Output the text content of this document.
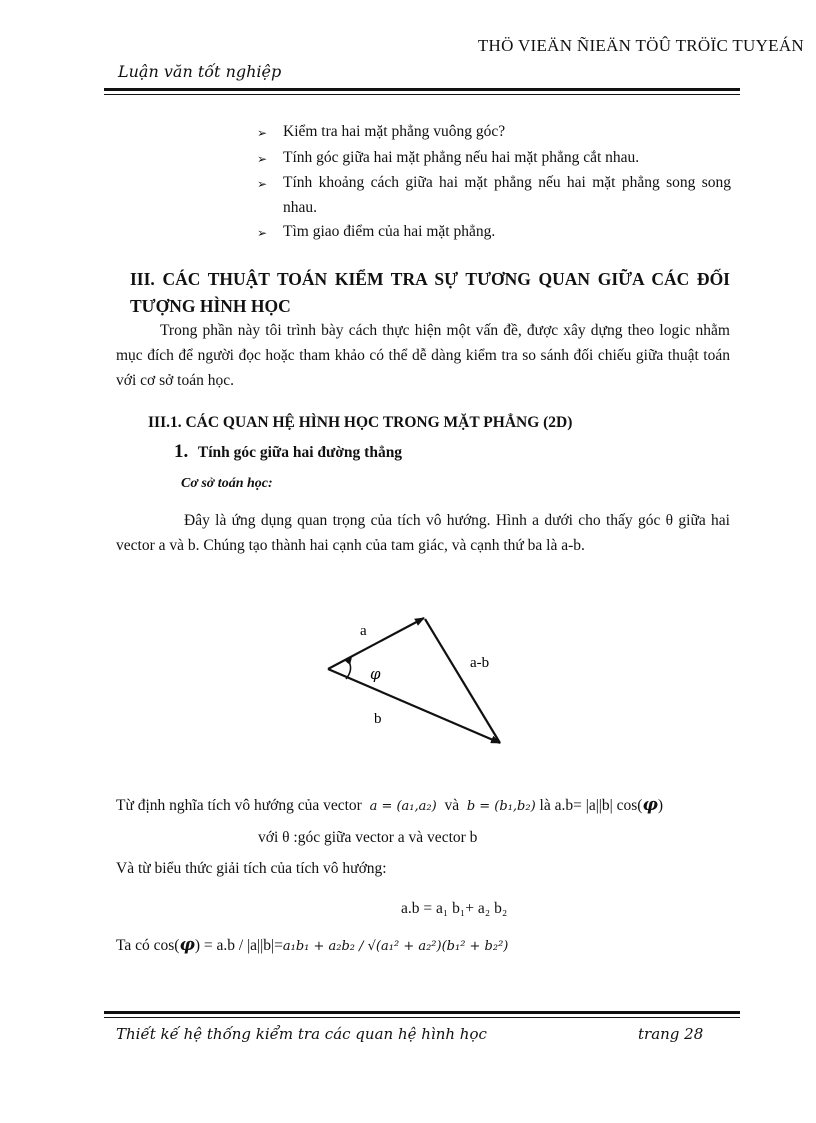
THÖ VIEÄN ÑIEÄN TÖÛ TRÖÏC TUYEÁN
Luận văn tốt nghiệp
➢	Kiểm tra hai mặt phẳng vuông góc?
➢	Tính góc giữa hai mặt phẳng nếu hai mặt phẳng cắt nhau.
➢	Tính khoảng cách giữa hai mặt phẳng nếu hai mặt phẳng song song nhau.
➢	Tìm giao điểm của hai mặt phẳng.
III. CÁC THUẬT TOÁN KIỂM TRA SỰ TƯƠNG QUAN GIỮA CÁC ĐỐI TƯỢNG HÌNH HỌC
Trong phần này tôi trình bày cách thực hiện một vấn đề, được xây dựng theo logic nhằm mục đích để người đọc hoặc tham khảo có thể dễ dàng kiểm tra so sánh đối chiếu giữa thuật toán với cơ sở toán học.
III.1. CÁC QUAN HỆ HÌNH HỌC TRONG MẶT PHẲNG (2D)
1. Tính góc giữa hai đường thẳng
Cơ sở toán học:
Đây là ứng dụng quan trọng của tích vô hướng. Hình a dưới cho thấy góc θ giữa hai vector a và b. Chúng tạo thành hai cạnh của tam giác, và cạnh thứ ba là a-b.
a
a-b
b
φ
Từ định nghĩa tích vô hướng của vector a = (a₁,a₂) và b = (b₁,b₂) là a.b= |a||b| cos(φ)
với θ :góc giữa vector a và vector b
Và từ biểu thức giải tích của tích vô hướng:
a.b = a₁ b₁+ a₂ b₂
Ta có cos(φ) = a.b / |a||b|=a₁b₁ + a₂b₂ / √(a₁² + a₂²)(b₁² + b₂²)
Thiết kế hệ thống kiểm tra các quan hệ hình học	trang 28
